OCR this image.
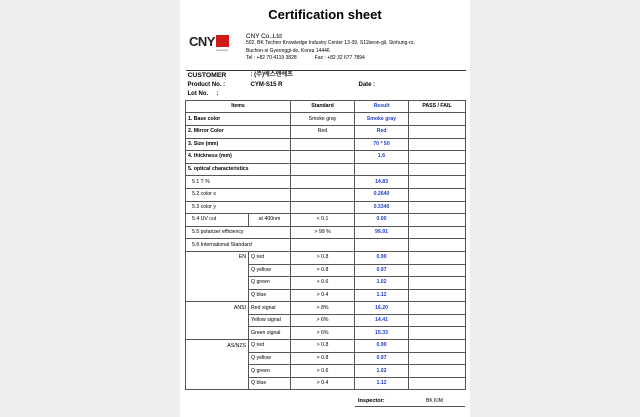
Certification sheet
CNY
company
CNY Co.,Ltd
502, BK Techno Knowledge Industry Center 13-39, S11beon-gil, Sinhung-ro,
Buchon-si Gyeonggi-do, Korea 14446
Tel : +82 70 4119 3828	Fax : +82 32 677 7894
CUSTOMER	: (주)에스엔에프			
Product No. :	CYM-S15 R		Date :	
Lot No. :				
Items		Standard	Result	PASS / FAIL
1. Base color		Smoke gray	Smoke gray	
2. Mirror Color		Red	Red	
3. Size (mm)			70 * 50	
4. thickness (mm)			1.6	
5. optical characteristics				
5.1 T %			14.83	
5.2 color x			0.2640	
5.3 color y			0.3340	
5.4 UV cut	at 400nm	< 0.1	0.00	
5.5 polarizer efficiency		> 99 %	99.91	
5.6 International Standard				
EN	Q red	> 0.8	0.99	
	Q yellow	> 0.8	0.97	
	Q green	> 0.6	1.02	
	Q blue	> 0.4	1.12	
ANSI	Red signal	> 8%	16.20	
	Yellow signal	> 6%	14.41	
	Green signal	> 6%	15.33	
AS/NZS	Q red	> 0.8	0.99	
	Q yellow	> 0.8	0.97	
	Q green	> 0.6	1.02	
	Q blue	> 0.4	1.12	
Inspector:	BK KIM
